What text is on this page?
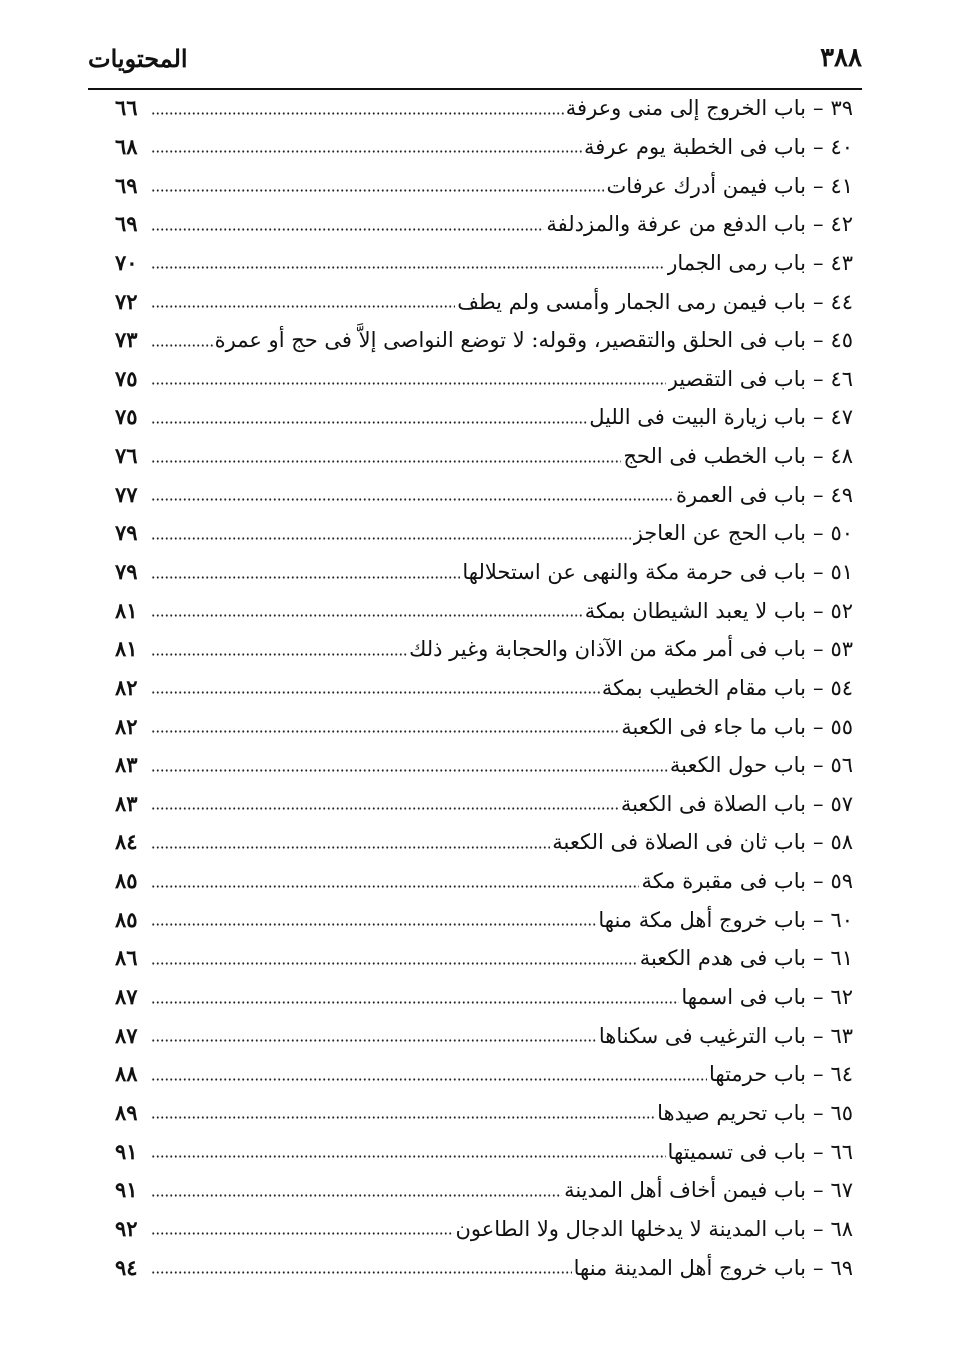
٣٨٨
المحتويات
٣٩
–
باب الخروج إلى منى وعرفة
٦٦
٤٠
–
باب فى الخطبة يوم عرفة
٦٨
٤١
–
باب فيمن أدرك عرفات
٦٩
٤٢
–
باب الدفع من عرفة والمزدلفة
٦٩
٤٣
–
باب رمى الجمار
٧٠
٤٤
–
باب فيمن رمى الجمار وأمسى ولم يطف
٧٢
٤٥
–
باب فى الحلق والتقصير، وقوله: لا توضع النواصى إلاَّ فى حج أو عمرة
٧٣
٤٦
–
باب فى التقصير
٧٥
٤٧
–
باب زيارة البيت فى الليل
٧٥
٤٨
–
باب الخطب فى الحج
٧٦
٤٩
–
باب فى العمرة
٧٧
٥٠
–
باب الحج عن العاجز
٧٩
٥١
–
باب فى حرمة مكة والنهى عن استحلالها
٧٩
٥٢
–
باب لا يعبد الشيطان بمكة
٨١
٥٣
–
باب فى أمر مكة من الآذان والحجابة وغير ذلك
٨١
٥٤
–
باب مقام الخطيب بمكة
٨٢
٥٥
–
باب ما جاء فى الكعبة
٨٢
٥٦
–
باب حول الكعبة
٨٣
٥٧
–
باب الصلاة فى الكعبة
٨٣
٥٨
–
باب ثان فى الصلاة فى الكعبة
٨٤
٥٩
–
باب فى مقبرة مكة
٨٥
٦٠
–
باب خروج أهل مكة منها
٨٥
٦١
–
باب فى هدم الكعبة
٨٦
٦٢
–
باب فى اسمها
٨٧
٦٣
–
باب الترغيب فى سكناها
٨٧
٦٤
–
باب حرمتها
٨٨
٦٥
–
باب تحريم صيدها
٨٩
٦٦
–
باب فى تسميتها
٩١
٦٧
–
باب فيمن أخاف أهل المدينة
٩١
٦٨
–
باب المدينة لا يدخلها الدجال ولا الطاعون
٩٢
٦٩
–
باب خروج أهل المدينة منها
٩٤
